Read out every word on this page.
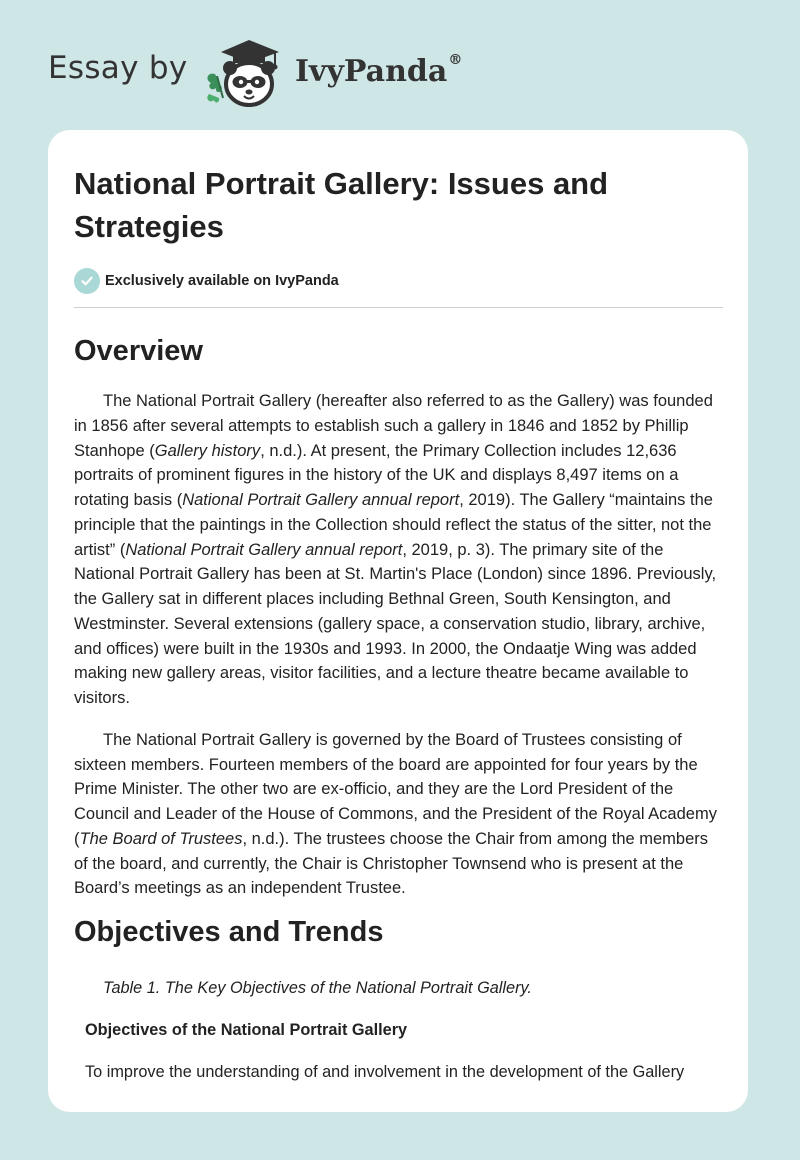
Essay by	IvyPanda®
National Portrait Gallery: Issues and Strategies
Exclusively available on IvyPanda
Overview

The National Portrait Gallery (hereafter also referred to as the Gallery) was founded in 1856 after several attempts to establish such a gallery in 1846 and 1852 by Phillip Stanhope (Gallery history, n.d.). At present, the Primary Collection includes 12,636 portraits of prominent figures in the history of the UK and displays 8,497 items on a rotating basis (National Portrait Gallery annual report, 2019). The Gallery “maintains the principle that the paintings in the Collection should reflect the status of the sitter, not the artist” (National Portrait Gallery annual report, 2019, p. 3). The primary site of the National Portrait Gallery has been at St. Martin's Place (London) since 1896. Previously, the Gallery sat in different places including Bethnal Green, South Kensington, and Westminster. Several extensions (gallery space, a conservation studio, library, archive, and offices) were built in the 1930s and 1993. In 2000, the Ondaatje Wing was added making new gallery areas, visitor facilities, and a lecture theatre became available to visitors.

The National Portrait Gallery is governed by the Board of Trustees consisting of sixteen members. Fourteen members of the board are appointed for four years by the Prime Minister. The other two are ex-officio, and they are the Lord President of the Council and Leader of the House of Commons, and the President of the Royal Academy (The Board of Trustees, n.d.). The trustees choose the Chair from among the members of the board, and currently, the Chair is Christopher Townsend who is present at the Board’s meetings as an independent Trustee.

Objectives and Trends
Table 1. The Key Objectives of the National Portrait Gallery.
Objectives of the National Portrait Gallery
To improve the understanding of and involvement in the development of the Gallery
